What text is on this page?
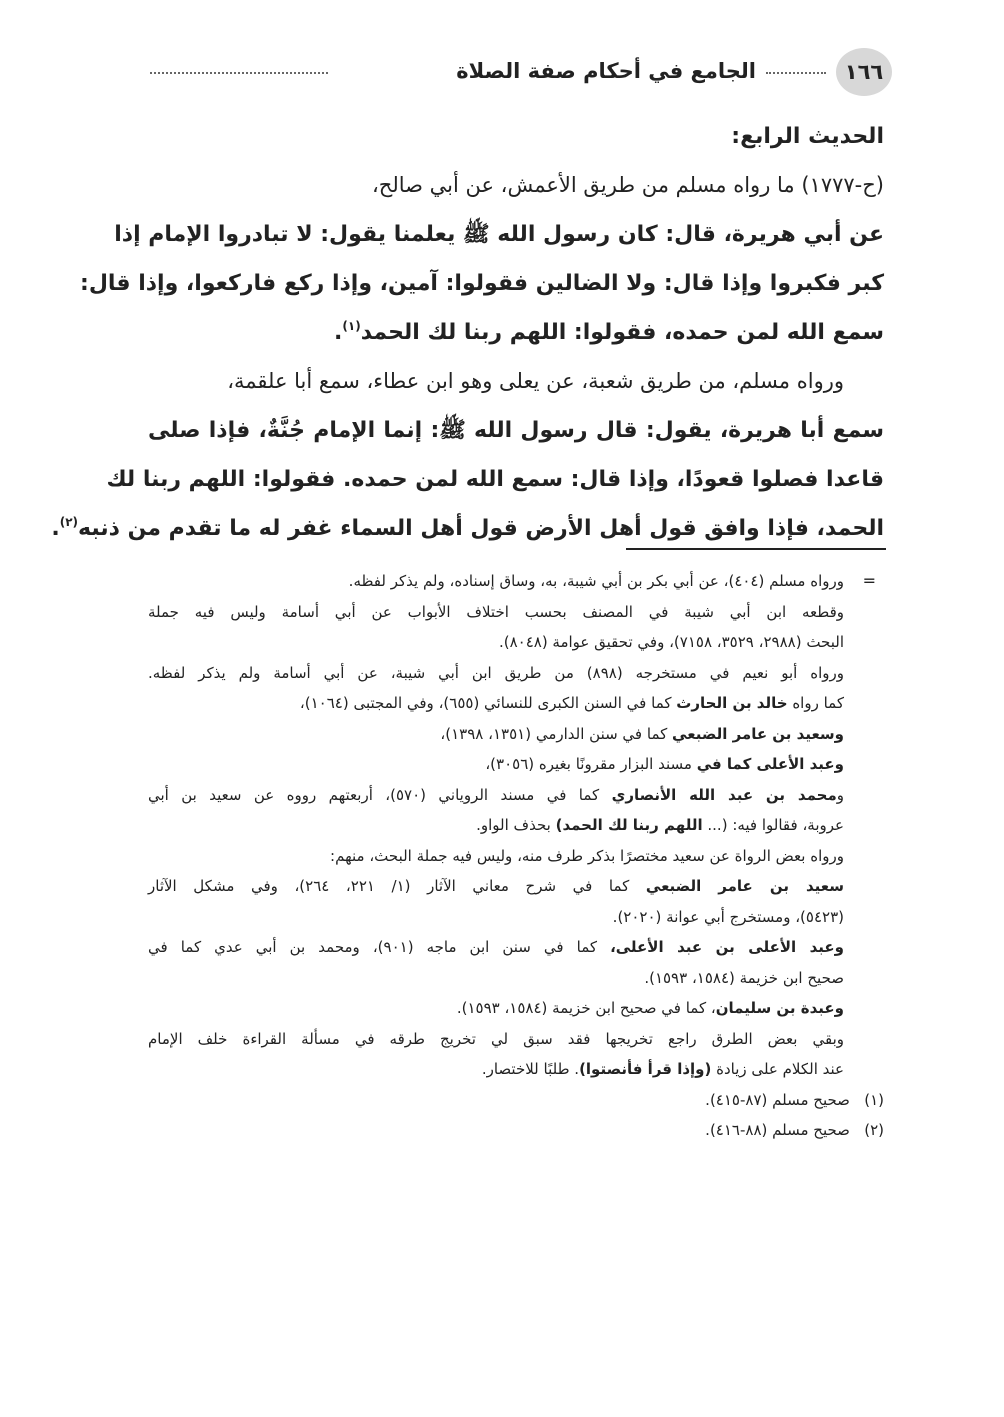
١٦٦
الجامع في أحكام صفة الصلاة
الحديث الرابع:
(ح-١٧٧٧) ما رواه مسلم من طريق الأعمش، عن أبي صالح،
عن أبي هريرة، قال: كان رسول الله ﷺ يعلمنا يقول: لا تبادروا الإمام إذا
كبر فكبروا وإذا قال: ولا الضالين فقولوا: آمين، وإذا ركع فاركعوا، وإذا قال:
سمع الله لمن حمده، فقولوا: اللهم ربنا لك الحمد$^{(١)}$.
ورواه مسلم، من طريق شعبة، عن يعلى وهو ابن عطاء، سمع أبا علقمة،
سمع أبا هريرة، يقول: قال رسول الله ﷺ: إنما الإمام جُنَّةٌ، فإذا صلى
قاعدا فصلوا قعودًا، وإذا قال: سمع الله لمن حمده. فقولوا: اللهم ربنا لك
الحمد، فإذا وافق قول أهل الأرض قول أهل السماء غفر له ما تقدم من ذنبه$^{(٢)}$.
=
ورواه مسلم (٤٠٤)، عن أبي بكر بن أبي شيبة، به، وساق إسناده، ولم يذكر لفظه.
وقطعه ابن أبي شيبة في المصنف بحسب اختلاف الأبواب عن أبي أسامة وليس فيه جملة
البحث (٢٩٨٨، ٣٥٢٩، ٧١٥٨)، وفي تحقيق عوامة (٨٠٤٨).
ورواه أبو نعيم في مستخرجه (٨٩٨) من طريق ابن أبي شيبة، عن أبي أسامة ولم يذكر لفظه.
كما رواه خالد بن الحارث كما في السنن الكبرى للنسائي (٦٥٥)، وفي المجتبى (١٠٦٤)،
وسعيد بن عامر الضبعي كما في سنن الدارمي (١٣٥١، ١٣٩٨)،
وعبد الأعلى كما في مسند البزار مقرونًا بغيره (٣٠٥٦)،
ومحمد بن عبد الله الأنصاري كما في مسند الروياني (٥٧٠)، أربعتهم رووه عن سعيد بن أبي
عروبة، فقالوا فيه: (... اللهم ربنا لك الحمد) بحذف الواو.
ورواه بعض الرواة عن سعيد مختصرًا بذكر طرف منه، وليس فيه جملة البحث، منهم:
سعيد بن عامر الضبعي كما في شرح معاني الآثار (١/ ٢٢١، ٢٦٤)، وفي مشكل الآثار
(٥٤٢٣)، ومستخرج أبي عوانة (٢٠٢٠).
وعبد الأعلى بن عبد الأعلى، كما في سنن ابن ماجه (٩٠١)، ومحمد بن أبي عدي كما في
صحيح ابن خزيمة (١٥٨٤، ١٥٩٣).
وعبدة بن سليمان، كما في صحيح ابن خزيمة (١٥٨٤، ١٥٩٣).
وبقي بعض الطرق راجع تخريجها فقد سبق لي تخريج طرقه في مسألة القراءة خلف الإمام
عند الكلام على زيادة (وإذا قرأ فأنصتوا). طلبًا للاختصار.
(١)   صحيح مسلم (٨٧-٤١٥).
(٢)   صحيح مسلم (٨٨-٤١٦).
